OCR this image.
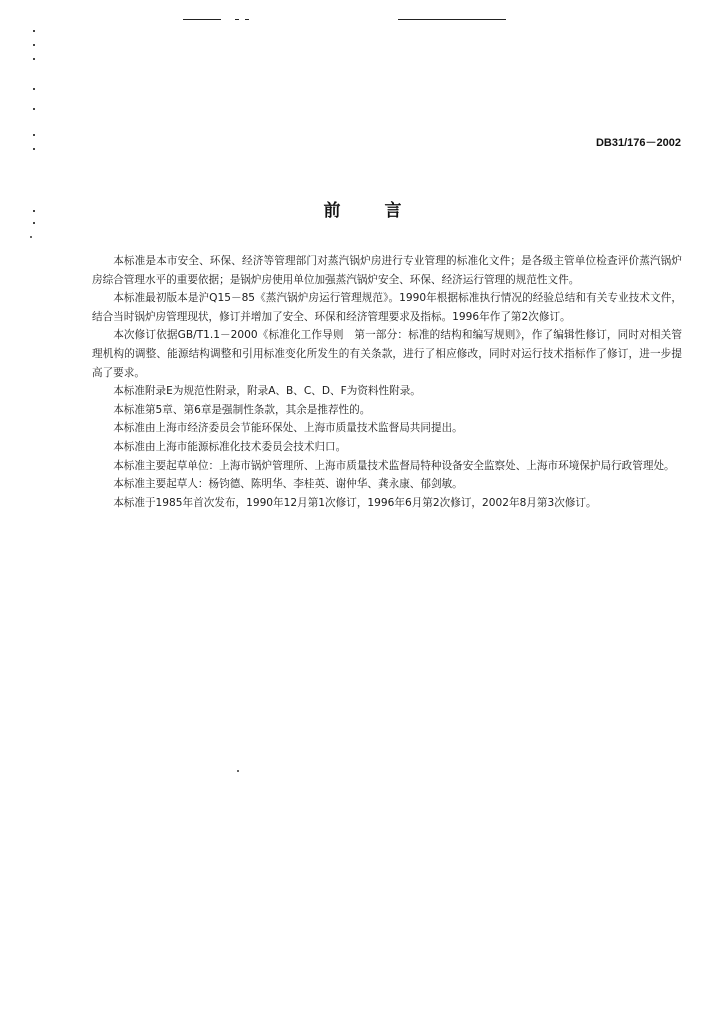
DB31/176－2002
前言

本标准是本市安全、环保、经济等管理部门对蒸汽锅炉房进行专业管理的标准化文件；是各级主管单位检查评价蒸汽锅炉房综合管理水平的重要依据；是锅炉房使用单位加强蒸汽锅炉安全、环保、经济运行管理的规范性文件。

本标准最初版本是沪Q15－85《蒸汽锅炉房运行管理规范》。1990年根据标准执行情况的经验总结和有关专业技术文件，结合当时锅炉房管理现状，修订并增加了安全、环保和经济管理要求及指标。1996年作了第2次修订。

本次修订依据GB/T1.1－2000《标准化工作导则　第一部分：标准的结构和编写规则》，作了编辑性修订，同时对相关管理机构的调整、能源结构调整和引用标准变化所发生的有关条款，进行了相应修改，同时对运行技术指标作了修订，进一步提高了要求。

本标准附录E为规范性附录，附录A、B、C、D、F为资料性附录。

本标准第5章、第6章是强制性条款，其余是推荐性的。

本标准由上海市经济委员会节能环保处、上海市质量技术监督局共同提出。

本标准由上海市能源标准化技术委员会技术归口。

本标准主要起草单位：上海市锅炉管理所、上海市质量技术监督局特种设备安全监察处、上海市环境保护局行政管理处。

本标准主要起草人：杨钧德、陈明华、李桂英、谢仲华、龚永康、郁剑敏。

本标准于1985年首次发布，1990年12月第1次修订，1996年6月第2次修订，2002年8月第3次修订。
